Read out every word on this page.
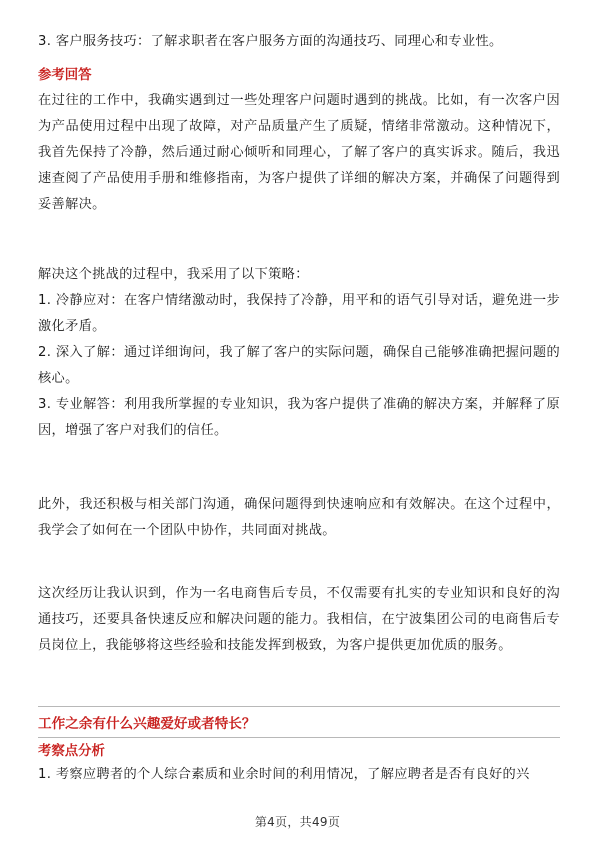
3. 客户服务技巧：了解求职者在客户服务方面的沟通技巧、同理心和专业性。

参考回答

在过往的工作中，我确实遇到过一些处理客户问题时遇到的挑战。比如，有一次客户因为产品使用过程中出现了故障，对产品质量产生了质疑，情绪非常激动。这种情况下，我首先保持了冷静，然后通过耐心倾听和同理心，了解了客户的真实诉求。随后，我迅速查阅了产品使用手册和维修指南，为客户提供了详细的解决方案，并确保了问题得到妥善解决。

解决这个挑战的过程中，我采用了以下策略：

1. 冷静应对：在客户情绪激动时，我保持了冷静，用平和的语气引导对话，避免进一步激化矛盾。

2. 深入了解：通过详细询问，我了解了客户的实际问题，确保自己能够准确把握问题的核心。

3. 专业解答：利用我所掌握的专业知识，我为客户提供了准确的解决方案，并解释了原因，增强了客户对我们的信任。

此外，我还积极与相关部门沟通，确保问题得到快速响应和有效解决。在这个过程中，我学会了如何在一个团队中协作，共同面对挑战。

这次经历让我认识到，作为一名电商售后专员，不仅需要有扎实的专业知识和良好的沟通技巧，还要具备快速反应和解决问题的能力。我相信，在宁波集团公司的电商售后专员岗位上，我能够将这些经验和技能发挥到极致，为客户提供更加优质的服务。

工作之余有什么兴趣爱好或者特长？

考察点分析

1. 考察应聘者的个人综合素质和业余时间的利用情况，了解应聘者是否有良好的兴

第4页，共49页
